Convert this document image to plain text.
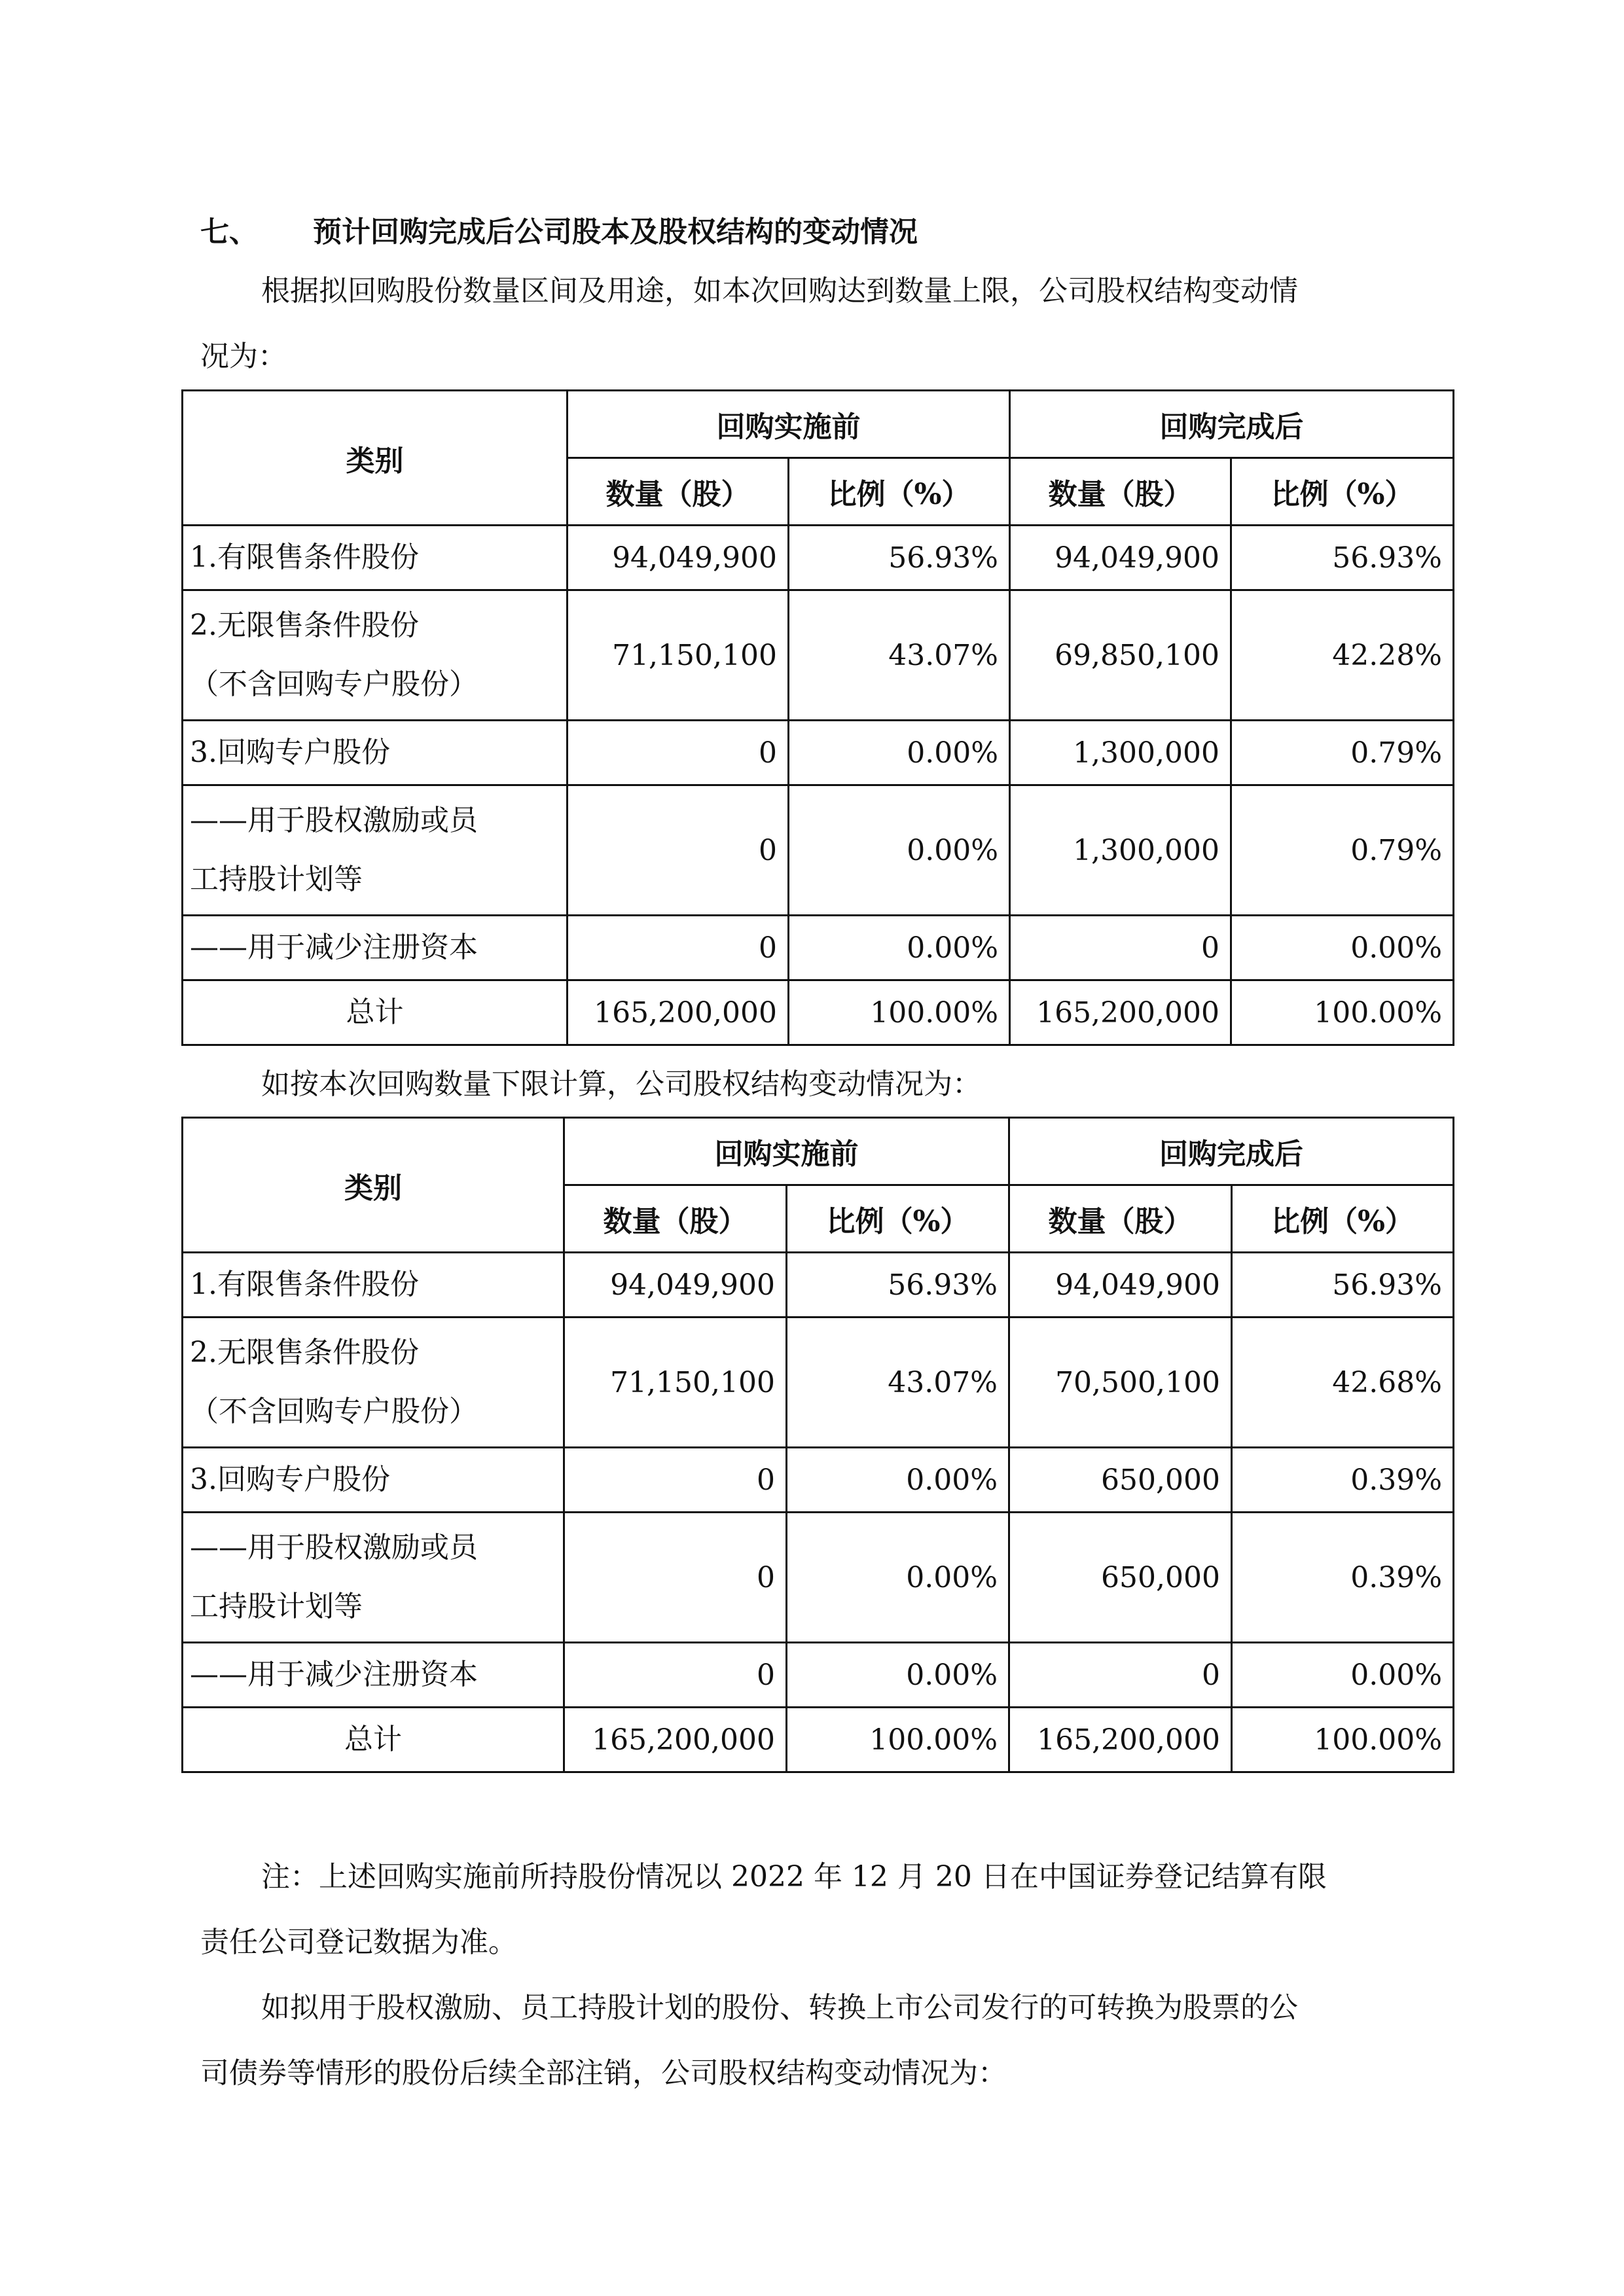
七、 预计回购完成后公司股本及股权结构的变动情况
根据拟回购股份数量区间及用途，如本次回购达到数量上限，公司股权结构变动情
况为：
类别	回购实施前		回购完成后	
	数量（股）	比例（%）	数量（股）	比例（%）

1.有限售条件股份	94,049,900	56.93%	94,049,900	56.93%

2.无限售条件股份
（不含回购专户股份）	71,150,100	43.07%	69,850,100	42.28%

3.回购专户股份	0	0.00%	1,300,000	0.79%

——用于股权激励或员
工持股计划等	0	0.00%	1,300,000	0.79%

——用于减少注册资本	0	0.00%	0	0.00%

总计	165,200,000	100.00%	165,200,000	100.00%
如按本次回购数量下限计算，公司股权结构变动情况为：
类别	回购实施前		回购完成后	
	数量（股）	比例（%）	数量（股）	比例（%）

1.有限售条件股份	94,049,900	56.93%	94,049,900	56.93%

2.无限售条件股份
（不含回购专户股份）	71,150,100	43.07%	70,500,100	42.68%

3.回购专户股份	0	0.00%	650,000	0.39%

——用于股权激励或员
工持股计划等	0	0.00%	650,000	0.39%

——用于减少注册资本	0	0.00%	0	0.00%

总计	165,200,000	100.00%	165,200,000	100.00%
注：上述回购实施前所持股份情况以 2022 年 12 月 20 日在中国证券登记结算有限
责任公司登记数据为准。
如拟用于股权激励、员工持股计划的股份、转换上市公司发行的可转换为股票的公
司债券等情形的股份后续全部注销，公司股权结构变动情况为：
